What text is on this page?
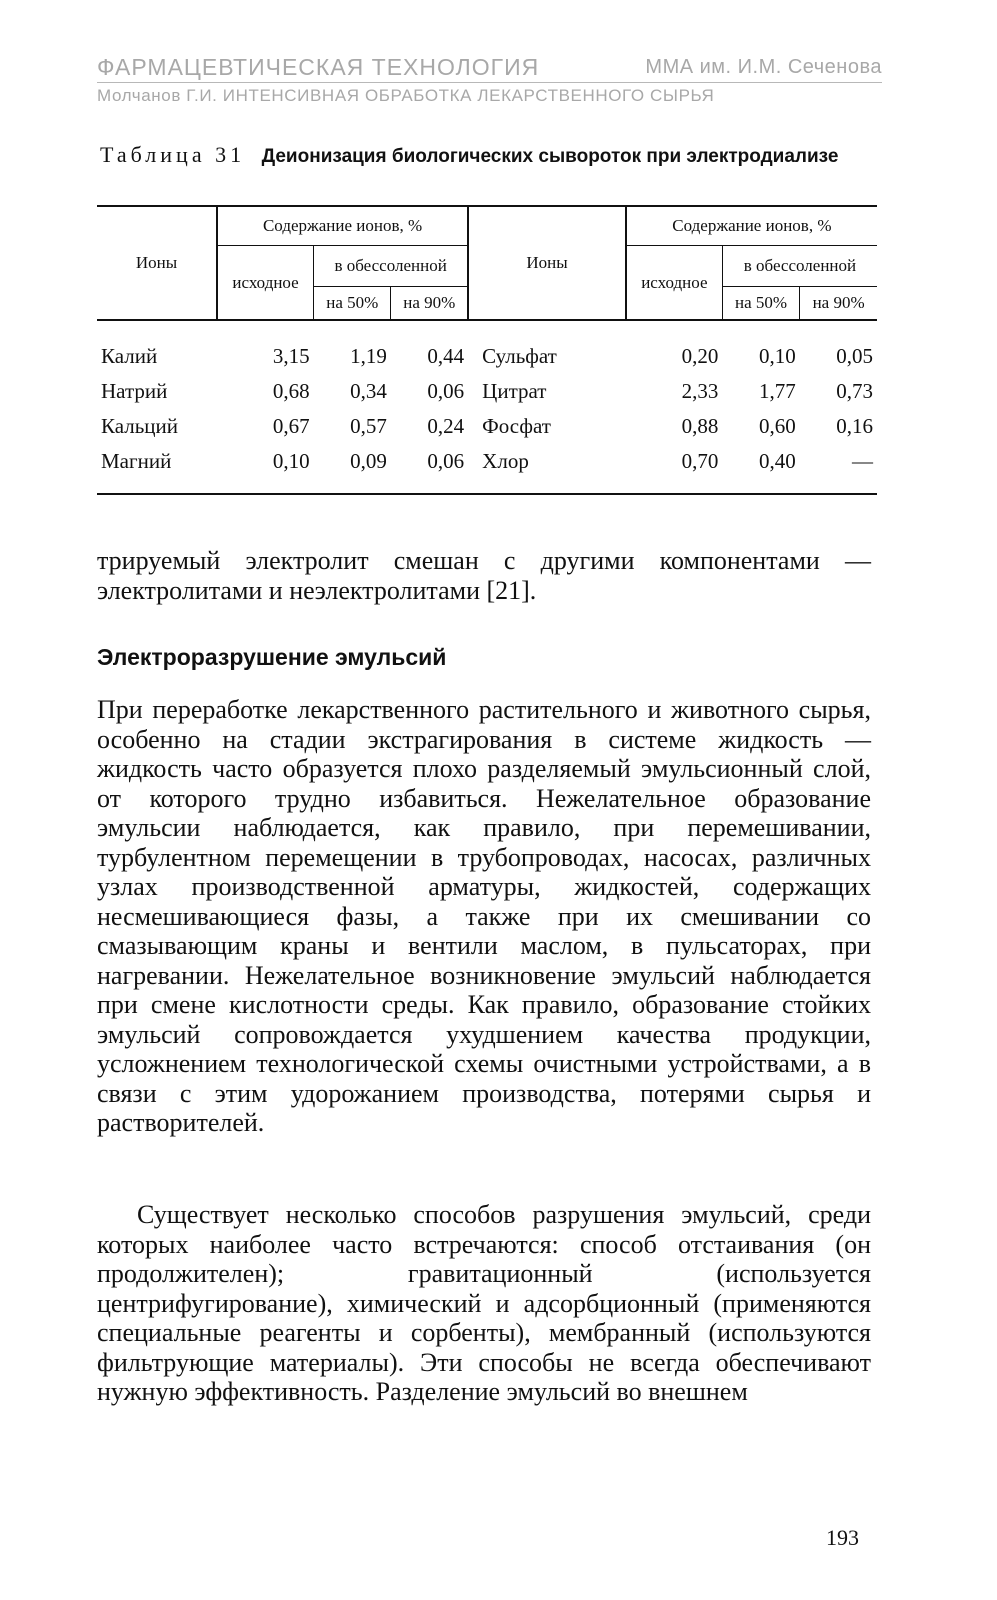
ФАРМАЦЕВТИЧЕСКАЯ ТЕХНОЛОГИЯ	ММА им. И.М. Сеченова
Молчанов Г.И. ИНТЕНСИВНАЯ ОБРАБОТКА ЛЕКАРСТВЕННОГО СЫРЬЯ
Таблица 31 Деионизация биологических сывороток при электродиализе
Ионы	Содержание ионов, %			Ионы	Содержание ионов, %		
	исходное	в обессоленной			исходное	в обессоленной	
		на 50%	на 90%			на 50%	на 90%
Калий	3,15	1,19	0,44	Сульфат	0,20	0,10	0,05
Натрий	0,68	0,34	0,06	Цитрат	2,33	1,77	0,73
Кальций	0,67	0,57	0,24	Фосфат	0,88	0,60	0,16
Магний	0,10	0,09	0,06	Хлор	0,70	0,40	—

трируемый электролит смешан с другими компонентами — электролитами и неэлектролитами [21].

Электроразрушение эмульсий

При переработке лекарственного растительного и животного сырья, особенно на стадии экстрагирования в системе жидкость — жидкость часто образуется плохо разделяемый эмульсионный слой, от которого трудно избавиться. Нежелательное образование эмульсии наблюдается, как правило, при перемешивании, турбулентном перемещении в трубопроводах, насосах, различных узлах производственной арматуры, жидкостей, содержащих несмешивающиеся фазы, а также при их смешивании со смазывающим краны и вентили маслом, в пульсаторах, при нагревании. Нежелательное возникновение эмульсий наблюдается при смене кислотности среды. Как правило, образование стойких эмульсий сопровождается ухудшением качества продукции, усложнением технологической схемы очистными устройствами, а в связи с этим удорожанием производства, потерями сырья и растворителей.

Существует несколько способов разрушения эмульсий, среди которых наиболее часто встречаются: способ отстаивания (он продолжителен); гравитационный (используется центрифугирование), химический и адсорбционный (применяются специальные реагенты и сорбенты), мембранный (используются фильтрующие материалы). Эти способы не всегда обеспечивают нужную эффективность. Разделение эмульсий во внешнем

193
